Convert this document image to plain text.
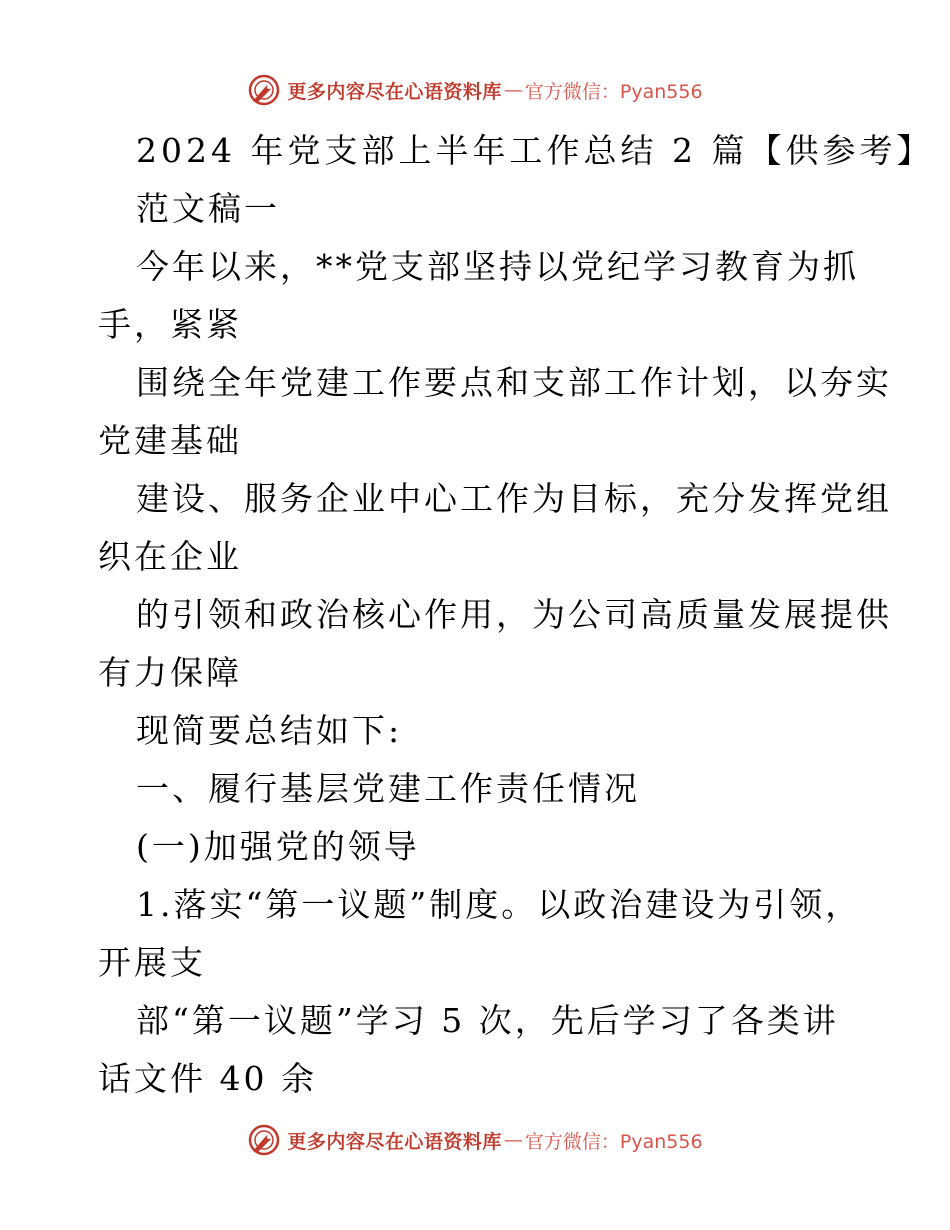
更多内容尽在心语资料库 — 官方微信：Pyan556
2024 年党支部上半年工作总结 2 篇【供参考】
范文稿一
今年以来，**党支部坚持以党纪学习教育为抓
手，紧紧
围绕全年党建工作要点和支部工作计划，以夯实
党建基础
建设、服务企业中心工作为目标，充分发挥党组
织在企业
的引领和政治核心作用，为公司高质量发展提供
有力保障
现简要总结如下:
一、履行基层党建工作责任情况
(一)加强党的领导
1.落实“第一议题”制度。以政治建设为引领，
开展支
部“第一议题”学习 5 次，先后学习了各类讲
话文件 40 余
更多内容尽在心语资料库 — 官方微信：Pyan556
